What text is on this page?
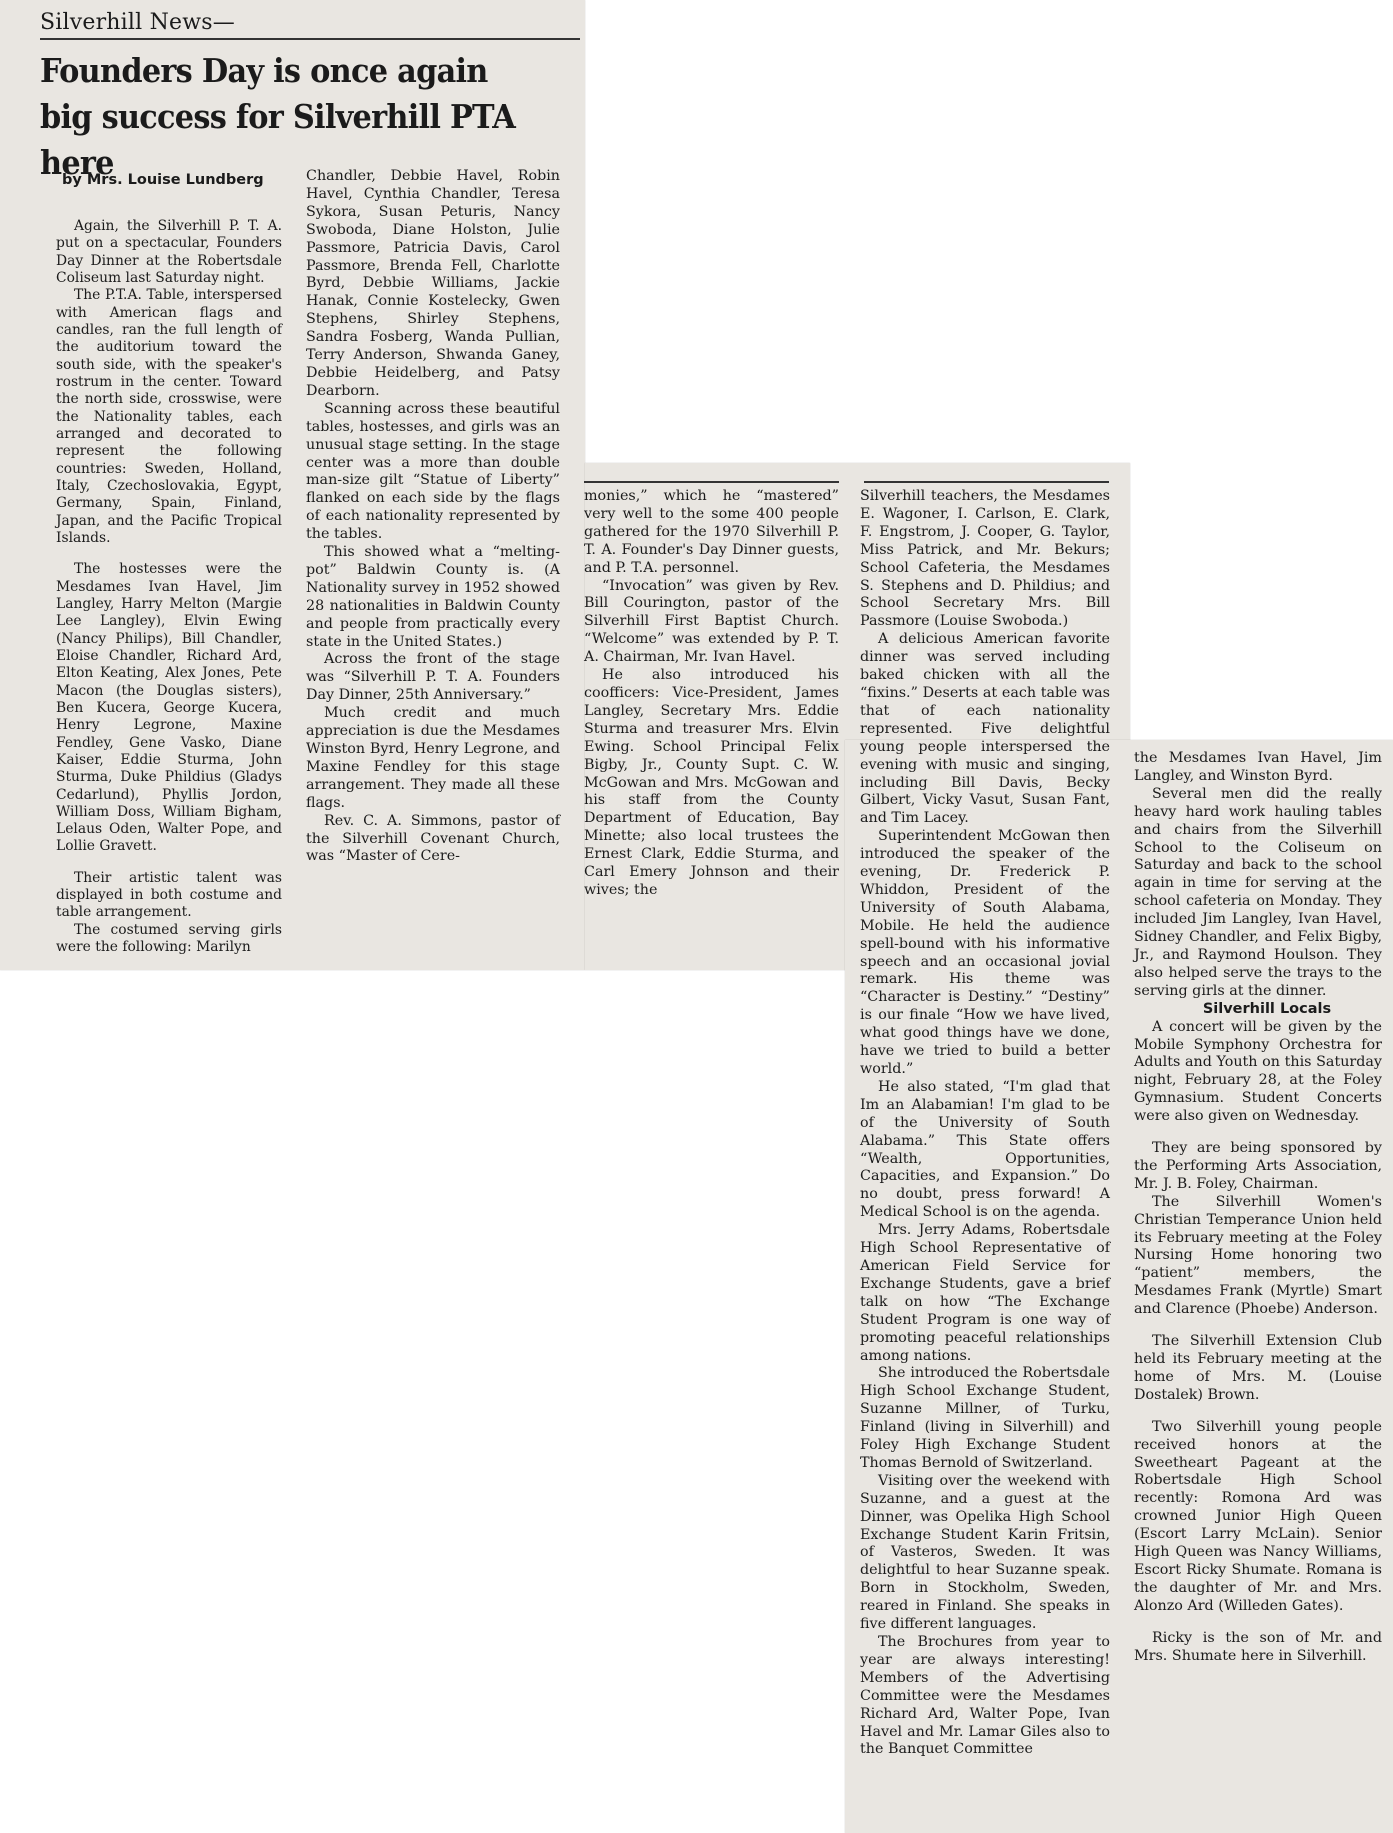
Silverhill News—
Founders Day is once again big success for Silverhill PTA here
by Mrs. Louise Lundberg

Again, the Silverhill P. T. A. put on a spectacular, Founders Day Dinner at the Robertsdale Coliseum last Saturday night.

The P.T.A. Table, interspersed with American flags and candles, ran the full length of the auditorium toward the south side, with the speaker's rostrum in the center. Toward the north side, crosswise, were the Nationality tables, each arranged and decorated to represent the following countries: Sweden, Holland, Italy, Czechoslovakia, Egypt, Germany, Spain, Finland, Japan, and the Pacific Tropical Islands.

The hostesses were the Mesdames Ivan Havel, Jim Langley, Harry Melton (Margie Lee Langley), Elvin Ewing (Nancy Philips), Bill Chandler, Eloise Chandler, Richard Ard, Elton Keating, Alex Jones, Pete Macon (the Douglas sisters), Ben Kucera, George Kucera, Henry Legrone, Maxine Fendley, Gene Vasko, Diane Kaiser, Eddie Sturma, John Sturma, Duke Phildius (Gladys Cedarlund), Phyllis Jordon, William Doss, William Bigham, Lelaus Oden, Walter Pope, and Lollie Gravett.

Their artistic talent was displayed in both costume and table arrangement.

The costumed serving girls were the following: Marilyn

Chandler, Debbie Havel, Robin Havel, Cynthia Chandler, Teresa Sykora, Susan Peturis, Nancy Swoboda, Diane Holston, Julie Passmore, Patricia Davis, Carol Passmore, Brenda Fell, Charlotte Byrd, Debbie Williams, Jackie Hanak, Connie Kostelecky, Gwen Stephens, Shirley Stephens, Sandra Fosberg, Wanda Pullian, Terry Anderson, Shwanda Ganey, Debbie Heidelberg, and Patsy Dearborn.

Scanning across these beautiful tables, hostesses, and girls was an unusual stage setting. In the stage center was a more than double man-size gilt “Statue of Liberty” flanked on each side by the flags of each nationality represented by the tables.

This showed what a “melting-pot” Baldwin County is. (A Nationality survey in 1952 showed 28 nationalities in Baldwin County and people from practically every state in the United States.)

Across the front of the stage was “Silverhill P. T. A. Founders Day Dinner, 25th Anniversary.”

Much credit and much appreciation is due the Mesdames Winston Byrd, Henry Legrone, and Maxine Fendley for this stage arrangement. They made all these flags.

Rev. C. A. Simmons, pastor of the Silverhill Covenant Church, was “Master of Cere-

monies,” which he “mastered” very well to the some 400 people gathered for the 1970 Silverhill P. T. A. Founder's Day Dinner guests, and P. T.A. personnel.

“Invocation” was given by Rev. Bill Courington, pastor of the Silverhill First Baptist Church. “Welcome” was extended by P. T. A. Chairman, Mr. Ivan Havel.

He also introduced his coofficers: Vice-President, James Langley, Secretary Mrs. Eddie Sturma and treasurer Mrs. Elvin Ewing. School Principal Felix Bigby, Jr., County Supt. C. W. McGowan and Mrs. McGowan and his staff from the County Department of Education, Bay Minette; also local trustees the Ernest Clark, Eddie Sturma, and Carl Emery Johnson and their wives; the

Silverhill teachers, the Mesdames E. Wagoner, I. Carlson, E. Clark, F. Engstrom, J. Cooper, G. Taylor, Miss Patrick, and Mr. Bekurs; School Cafeteria, the Mesdames S. Stephens and D. Phildius; and School Secretary Mrs. Bill Passmore (Louise Swoboda.)

A delicious American favorite dinner was served including baked chicken with all the “fixins.” Deserts at each table was that of each nationality represented. Five delightful young people interspersed the evening with music and singing, including Bill Davis, Becky Gilbert, Vicky Vasut, Susan Fant, and Tim Lacey.

Superintendent McGowan then introduced the speaker of the evening, Dr. Frederick P. Whiddon, President of the University of South Alabama, Mobile. He held the audience spell-bound with his informative speech and an occasional jovial remark. His theme was “Character is Destiny.” “Destiny” is our finale “How we have lived, what good things have we done, have we tried to build a better world.”

He also stated, “I'm glad that Im an Alabamian! I'm glad to be of the University of South Alabama.” This State offers “Wealth, Opportunities, Capacities, and Expansion.” Do no doubt, press forward! A Medical School is on the agenda.

Mrs. Jerry Adams, Robertsdale High School Representative of American Field Service for Exchange Students, gave a brief talk on how “The Exchange Student Program is one way of promoting peaceful relationships among nations.

She introduced the Robertsdale High School Exchange Student, Suzanne Millner, of Turku, Finland (living in Silverhill) and Foley High Exchange Student Thomas Bernold of Switzerland.

Visiting over the weekend with Suzanne, and a guest at the Dinner, was Opelika High School Exchange Student Karin Fritsin, of Vasteros, Sweden. It was delightful to hear Suzanne speak. Born in Stockholm, Sweden, reared in Finland. She speaks in five different languages.

The Brochures from year to year are always interesting! Members of the Advertising Committee were the Mesdames Richard Ard, Walter Pope, Ivan Havel and Mr. Lamar Giles also to the Banquet Committee

the Mesdames Ivan Havel, Jim Langley, and Winston Byrd.

Several men did the really heavy hard work hauling tables and chairs from the Silverhill School to the Coliseum on Saturday and back to the school again in time for serving at the school cafeteria on Monday. They included Jim Langley, Ivan Havel, Sidney Chandler, and Felix Bigby, Jr., and Raymond Houlson. They also helped serve the trays to the serving girls at the dinner.

Silverhill Locals

A concert will be given by the Mobile Symphony Orchestra for Adults and Youth on this Saturday night, February 28, at the Foley Gymnasium. Student Concerts were also given on Wednesday.

They are being sponsored by the Performing Arts Association, Mr. J. B. Foley, Chairman.

The Silverhill Women's Christian Temperance Union held its February meeting at the Foley Nursing Home honoring two “patient” members, the Mesdames Frank (Myrtle) Smart and Clarence (Phoebe) Anderson.

The Silverhill Extension Club held its February meeting at the home of Mrs. M. (Louise Dostalek) Brown.

Two Silverhill young people received honors at the Sweetheart Pageant at the Robertsdale High School recently: Romona Ard was crowned Junior High Queen (Escort Larry McLain). Senior High Queen was Nancy Williams, Escort Ricky Shumate. Romana is the daughter of Mr. and Mrs. Alonzo Ard (Willeden Gates).

Ricky is the son of Mr. and Mrs. Shumate here in Silverhill.
